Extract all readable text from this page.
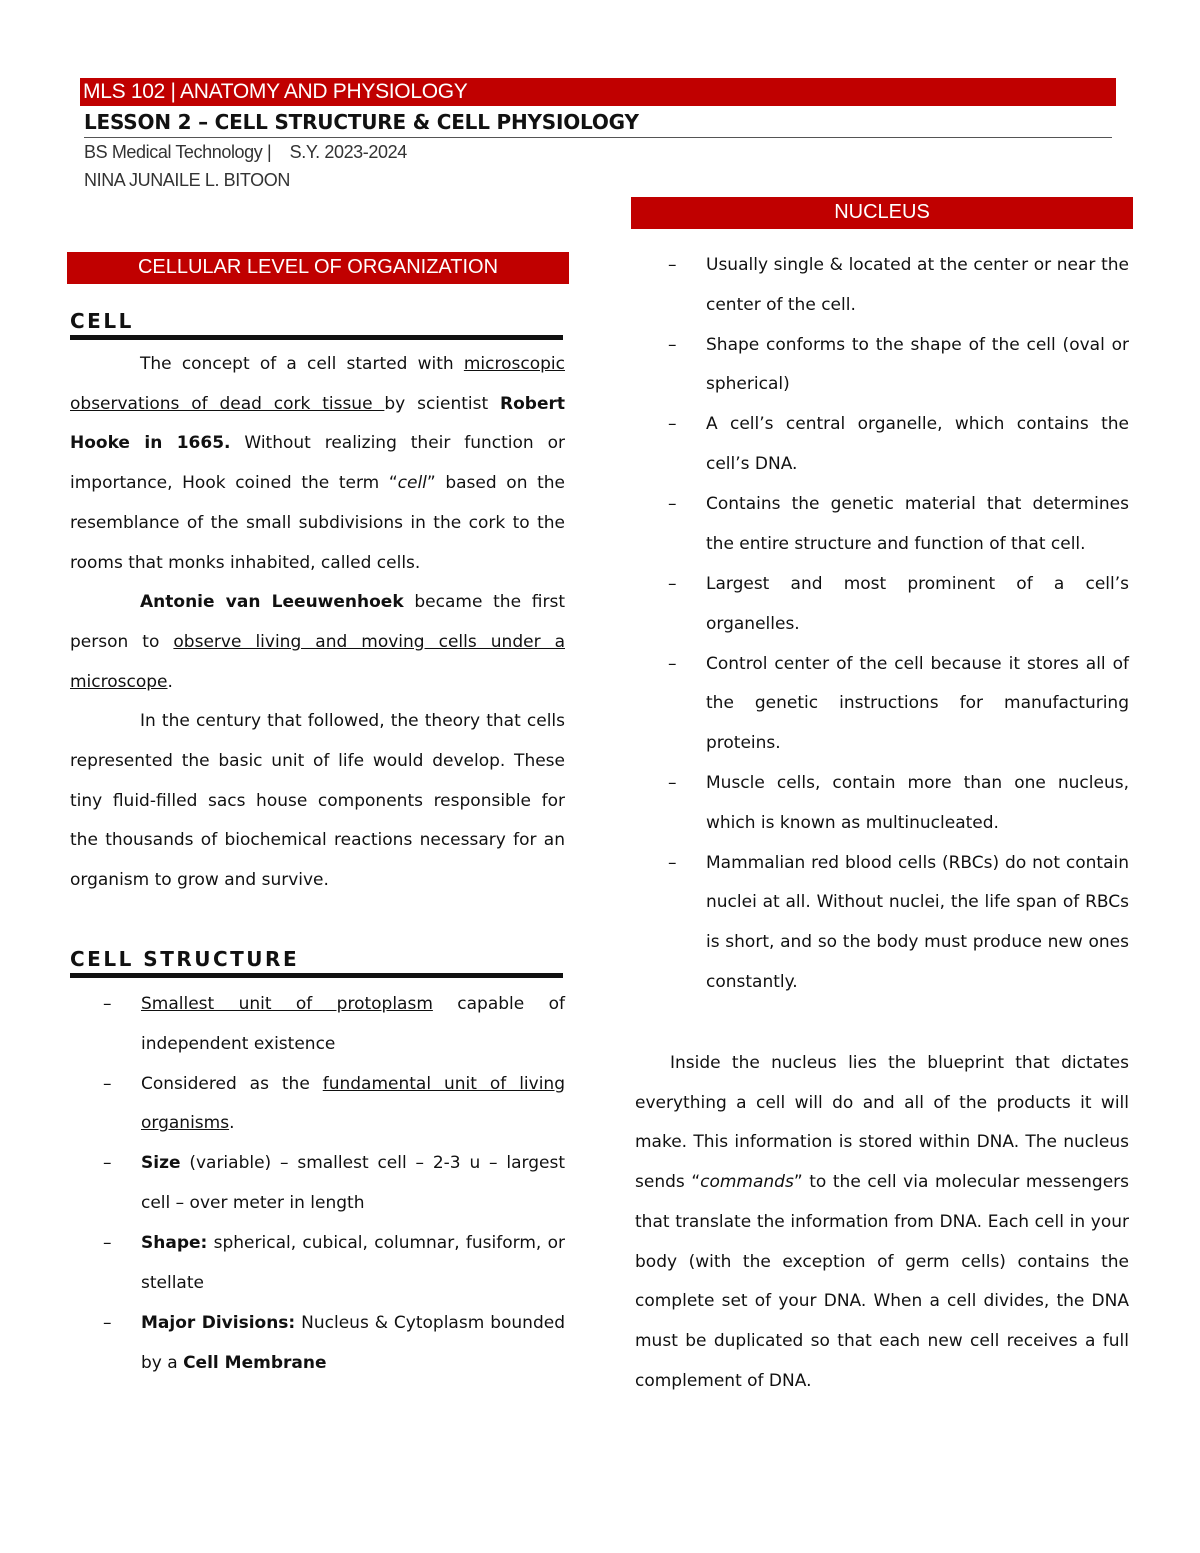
MLS 102 | ANATOMY AND PHYSIOLOGY
LESSON 2 – CELL STRUCTURE & CELL PHYSIOLOGY
BS Medical Technology |    S.Y. 2023-2024
NINA JUNAILE L. BITOON
CELLULAR LEVEL OF ORGANIZATION
CELL

The concept of a cell started with microscopic observations of dead cork tissue by scientist Robert Hooke in 1665. Without realizing their function or importance, Hook coined the term “cell” based on the resemblance of the small subdivisions in the cork to the rooms that monks inhabited, called cells.

Antonie van Leeuwenhoek became the first person to observe living and moving cells under a microscope.

In the century that followed, the theory that cells represented the basic unit of life would develop. These tiny fluid-filled sacs house components responsible for the thousands of biochemical reactions necessary for an organism to grow and survive.

CELL STRUCTURE
– Smallest unit of protoplasm capable of independent existence
– Considered as the fundamental unit of living organisms.
– Size (variable) – smallest cell – 2-3 u – largest cell – over meter in length
– Shape: spherical, cubical, columnar, fusiform, or stellate
– Major Divisions: Nucleus & Cytoplasm bounded by a Cell Membrane
NUCLEUS
– Usually single & located at the center or near the center of the cell.
– Shape conforms to the shape of the cell (oval or spherical)
– A cell’s central organelle, which contains the cell’s DNA.
– Contains the genetic material that determines the entire structure and function of that cell.
– Largest and most prominent of a cell’s organelles.
– Control center of the cell because it stores all of the genetic instructions for manufacturing proteins.
– Muscle cells, contain more than one nucleus, which is known as multinucleated.
– Mammalian red blood cells (RBCs) do not contain nuclei at all. Without nuclei, the life span of RBCs is short, and so the body must produce new ones constantly.

Inside the nucleus lies the blueprint that dictates everything a cell will do and all of the products it will make. This information is stored within DNA. The nucleus sends “commands” to the cell via molecular messengers that translate the information from DNA. Each cell in your body (with the exception of germ cells) contains the complete set of your DNA. When a cell divides, the DNA must be duplicated so that each new cell receives a full complement of DNA.
